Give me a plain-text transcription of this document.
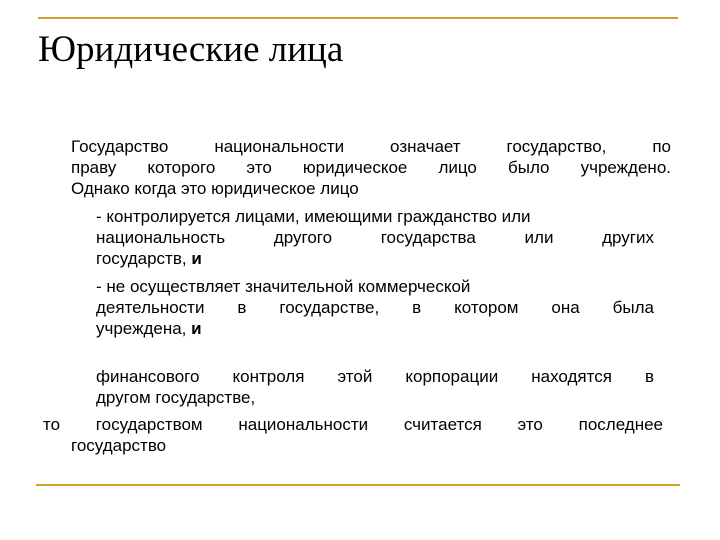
Юридические лица
Государство национальности означает государство, по
праву которого это юридическое лицо было учреждено.
Однако когда это юридическое лицо
- контролируется лицами, имеющими гражданство или
национальность другого государства или других
государств, и
- не осуществляет значительной коммерческой
деятельности в государстве, в котором она была
учреждена, и
финансового контроля этой корпорации находятся в
другом государстве,
то государством национальности считается это последнее
государство
